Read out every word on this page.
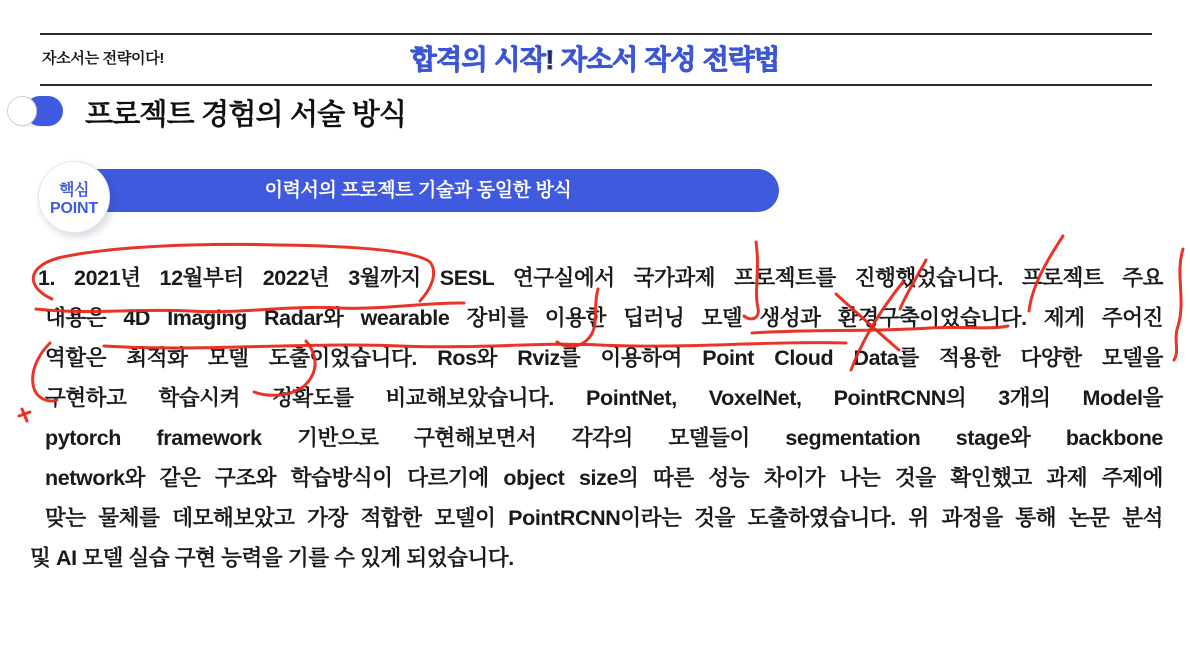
자소서는 전략이다!	합격의 시작! 자소서 작성 전략법
프로젝트 경험의 서술 방식
이력서의 프로젝트 기술과 동일한 방식
핵심
POINT
1. 2021년 12월부터 2022년 3월까지 SESL 연구실에서 국가과제 프로젝트를 진행했었습니다. 프로젝트 주요
내용은 4D Imaging Radar와 wearable 장비를 이용한 딥러닝 모델 생성과 환경구축이었습니다. 제게 주어진
역할은 최적화 모델 도출이었습니다. Ros와 Rviz를 이용하여 Point Cloud Data를 적용한 다양한 모델을
구현하고 학습시켜 정확도를 비교해보았습니다. PointNet, VoxelNet, PointRCNN의 3개의 Model을
pytorch framework 기반으로 구현해보면서 각각의 모델들이 segmentation stage와 backbone
network와 같은 구조와 학습방식이 다르기에 object size의 따른 성능 차이가 나는 것을 확인했고 과제 주제에
맞는 물체를 데모해보았고 가장 적합한 모델이 PointRCNN이라는 것을 도출하였습니다. 위 과정을 통해 논문 분석
및 AI 모델 실습 구현 능력을 기를 수 있게 되었습니다.
